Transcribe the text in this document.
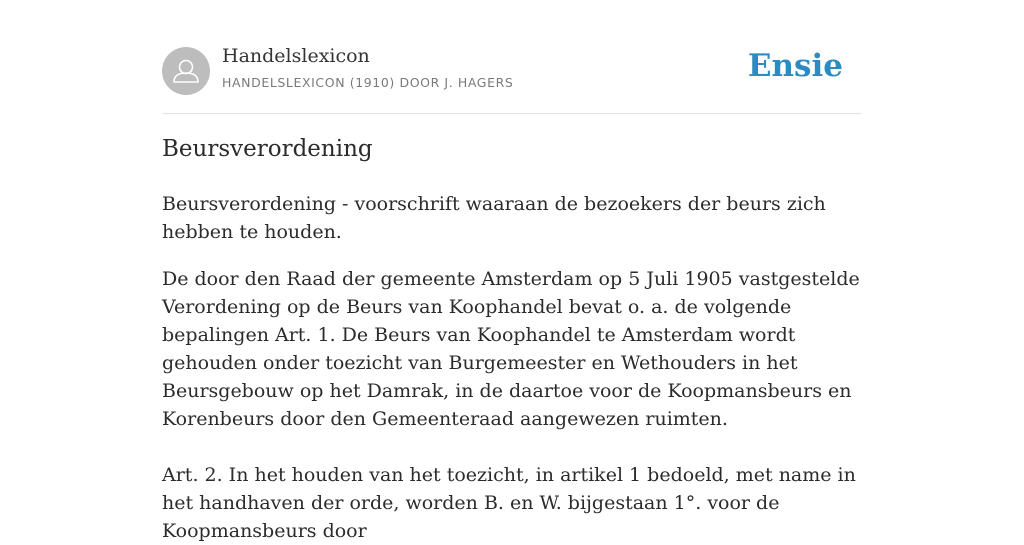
Handelslexicon
HANDELSLEXICON (1910) DOOR J. HAGERS	Ensie
Beursverordening

Beursverordening - voorschrift waaraan de bezoekers der beurs zich hebben te houden.

De door den Raad der gemeente Amsterdam op 5 Juli 1905 vastgestelde Verordening op de Beurs van Koophandel bevat o. a. de volgende bepalingen Art. 1. De Beurs van Koophandel te Amsterdam wordt gehouden onder toezicht van Burgemeester en Wethouders in het Beursgebouw op het Damrak, in de daartoe voor de Koopmansbeurs en Korenbeurs door den Gemeenteraad aangewezen ruimten.

Art. 2. In het houden van het toezicht, in artikel 1 bedoeld, met name in het handhaven der orde, worden B. en W. bijgestaan 1°. voor de Koopmansbeurs door
